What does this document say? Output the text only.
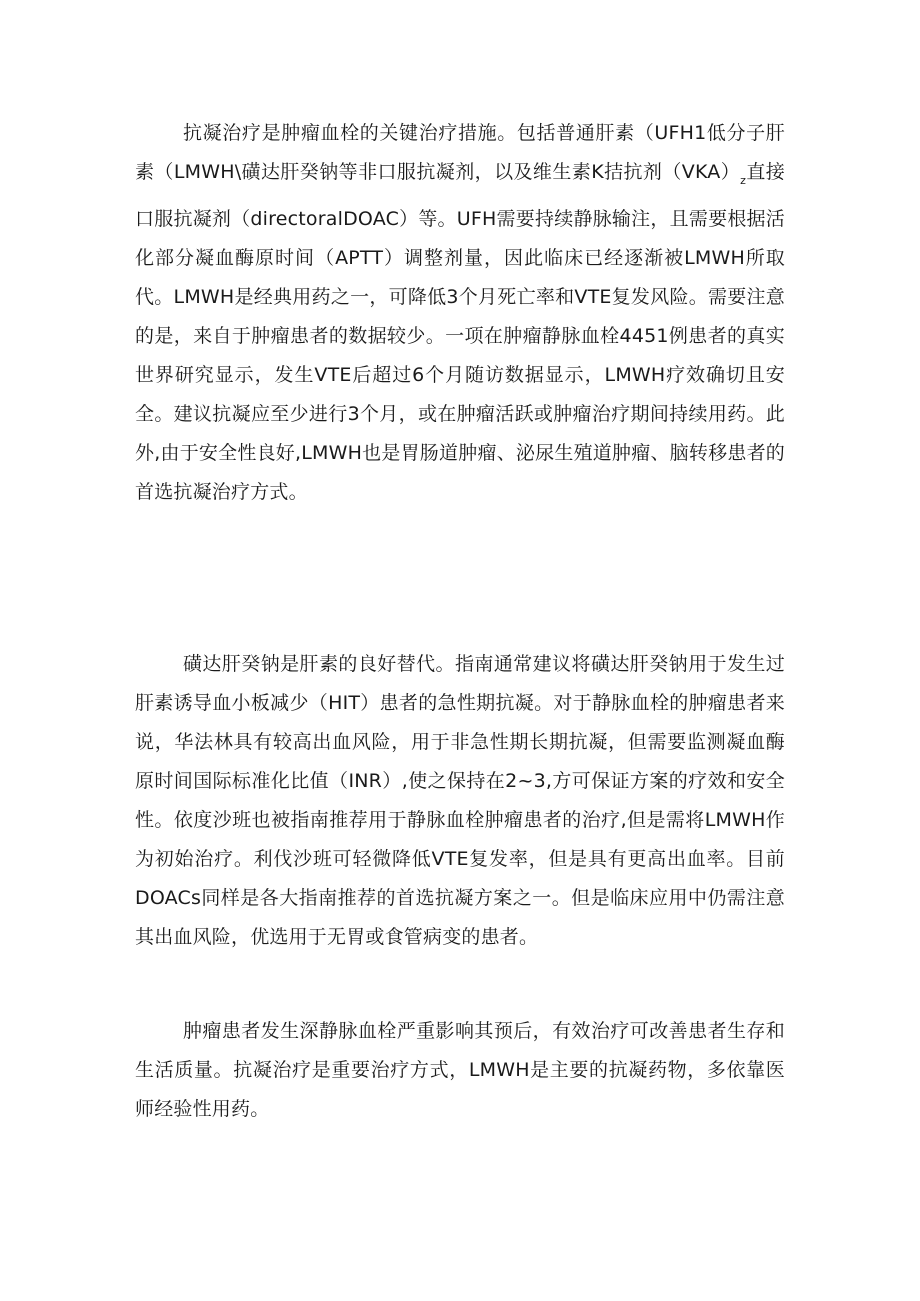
抗凝治疗是肿瘤血栓的关键治疗措施。包括普通肝素（UFH1低分子肝素（LMWH\磺达肝癸钠等非口服抗凝剂，以及维生素K拮抗剂$(VKA)_z$直接口服抗凝剂（directoralDOAC）等。UFH需要持续静脉输注，且需要根据活化部分凝血酶原时间（APTT）调整剂量，因此临床已经逐渐被LMWH所取代。LMWH是经典用药之一，可降低3个月死亡率和VTE复发风险。需要注意的是，来自于肿瘤患者的数据较少。一项在肿瘤静脉血栓4451例患者的真实世界研究显示，发生VTE后超过6个月随访数据显示，LMWH疗效确切且安全。建议抗凝应至少进行3个月，或在肿瘤活跃或肿瘤治疗期间持续用药。此外,由于安全性良好,LMWH也是胃肠道肿瘤、泌尿生殖道肿瘤、脑转移患者的首选抗凝治疗方式。

磺达肝癸钠是肝素的良好替代。指南通常建议将磺达肝癸钠用于发生过肝素诱导血小板减少（HIT）患者的急性期抗凝。对于静脉血栓的肿瘤患者来说，华法林具有较高出血风险，用于非急性期长期抗凝，但需要监测凝血酶原时间国际标准化比值（INR）,使之保持在2~3,方可保证方案的疗效和安全性。依度沙班也被指南推荐用于静脉血栓肿瘤患者的治疗,但是需将LMWH作为初始治疗。利伐沙班可轻微降低VTE复发率，但是具有更高出血率。目前DOACs同样是各大指南推荐的首选抗凝方案之一。但是临床应用中仍需注意其出血风险，优选用于无胃或食管病变的患者。

肿瘤患者发生深静脉血栓严重影响其预后，有效治疗可改善患者生存和生活质量。抗凝治疗是重要治疗方式，LMWH是主要的抗凝药物，多依靠医师经验性用药。
